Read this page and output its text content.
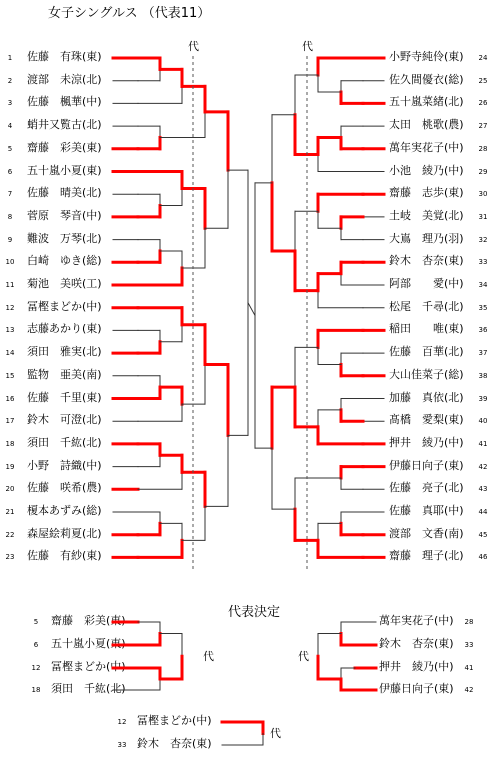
女子シングルス （代表11）
代表決定
1	佐藤　有珠(東)
2	渡部　未涼(北)
3	佐藤　楓華(中)
4	蛸井又覧古(北)
5	齋藤　彩美(東)
6	五十嵐小夏(東)
7	佐藤　晴美(北)
8	菅原　琴音(中)
9	難波　万琴(北)
10 白崎　ゆき(総)
11 菊池　美咲(工)
12 冨樫まどか(中)
13 志藤あかり(東)
14 須田　雅実(北)
15 監物　亜美(南)
16 佐藤　千里(東)
17 鈴木　可澄(北)
18 須田　千紘(北)
19 小野　詩織(中)
20 佐藤　咲希(農)
21 榎本あずみ(総)
22 森屋絵莉夏(北)
23 佐藤　有紗(東)
小野寺純伶(東)	24
佐久間優衣(総)	25
五十嵐菜緒(北)	26
太田　桃歌(農)	27
萬年実花子(中)	28
小池　綾乃(中)	29
齋藤　志歩(東)	30
土岐　美覚(北)	31
大嶌　理乃(羽)	32
鈴木　杏奈(東)	33
阿部　　愛(中)	34
松尾　千尋(北)	35
稲田　　唯(東)	36
佐藤　百華(北)	37
大山佳菜子(総)	38
加藤　真依(北)	39
髙橋　愛梨(東)	40
押井　綾乃(中)	41
伊藤日向子(東)	42
佐藤　亮子(北)	43
佐藤　真耶(中)	44
渡部　文香(南)	45
齋藤　理子(北)	46
代	代
5	齋藤　彩美(東)
6	五十嵐小夏(東)
12 冨樫まどか(中)
18 須田　千紘(北)
代
萬年実花子(中)	28
鈴木　杏奈(東)	33
押井　綾乃(中)	41
伊藤日向子(東)	42
代
12 冨樫まどか(中)
33 鈴木　杏奈(東)
代
